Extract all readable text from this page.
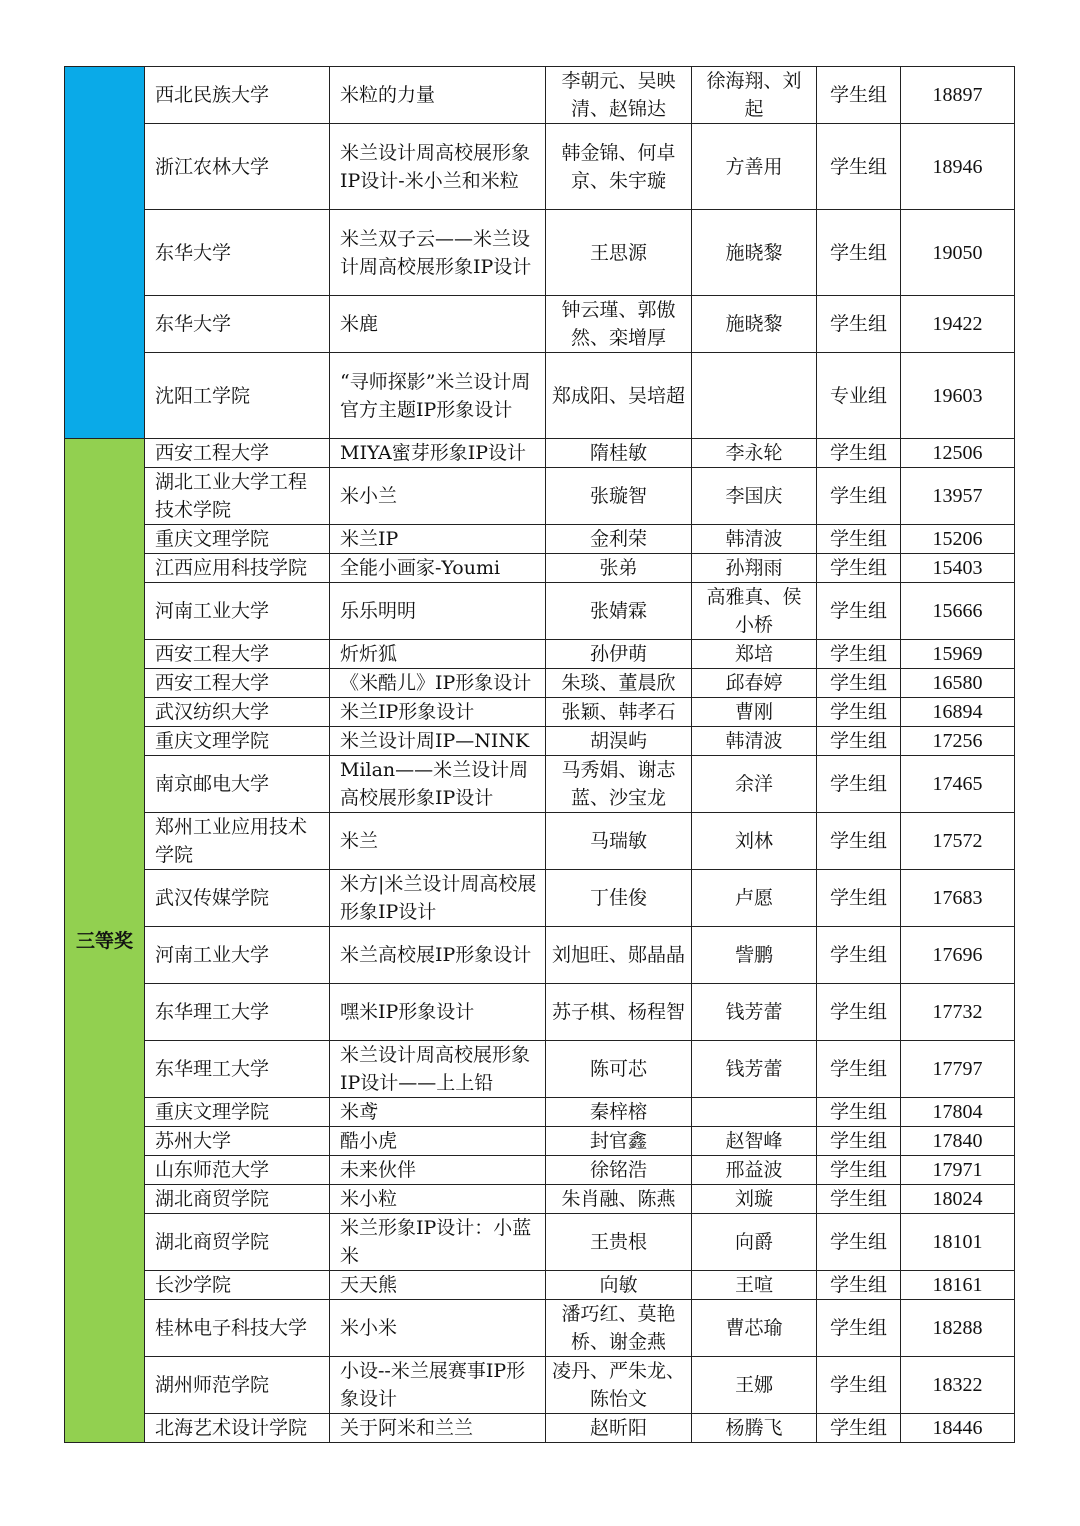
	西北民族大学	米粒的力量	李朝元、吴映清、赵锦达	徐海翔、刘起	学生组	18897
	浙江农林大学	米兰设计周高校展形象IP设计-米小兰和米粒	韩金锦、何卓京、朱宇璇	方善用	学生组	18946
	东华大学	米兰双子云——米兰设计周高校展形象IP设计	王思源	施晓黎	学生组	19050
	东华大学	米鹿	钟云瑾、郭傲然、栾增厚	施晓黎	学生组	19422
	沈阳工学院	“寻师探影”米兰设计周官方主题IP形象设计	郑成阳、吴培超		专业组	19603
三等奖	西安工程大学	MIYA蜜芽形象IP设计	隋桂敏	李永轮	学生组	12506
	湖北工业大学工程技术学院	米小兰	张璇智	李国庆	学生组	13957
	重庆文理学院	米兰IP	金利荣	韩清波	学生组	15206
	江西应用科技学院	全能小画家-Youmi	张弟	孙翔雨	学生组	15403
	河南工业大学	乐乐明明	张婧霖	高雅真、侯小桥	学生组	15666
	西安工程大学	炘炘狐	孙伊萌	郑培	学生组	15969
	西安工程大学	《米酷儿》IP形象设计	朱琰、董晨欣	邱春婷	学生组	16580
	武汉纺织大学	米兰IP形象设计	张颖、韩孝石	曹刚	学生组	16894
	重庆文理学院	米兰设计周IP—NINK	胡淏屿	韩清波	学生组	17256
	南京邮电大学	Milan——米兰设计周高校展形象IP设计	马秀娟、谢志蓝、沙宝龙	余洋	学生组	17465
	郑州工业应用技术学院	米兰	马瑞敏	刘林	学生组	17572
	武汉传媒学院	米方|米兰设计周高校展形象IP设计	丁佳俊	卢愿	学生组	17683
	河南工业大学	米兰高校展IP形象设计	刘旭旺、郧晶晶	訾鹏	学生组	17696
	东华理工大学	嘿米IP形象设计	苏子棋、杨程智	钱芳蕾	学生组	17732
	东华理工大学	米兰设计周高校展形象IP设计——上上铅	陈可芯	钱芳蕾	学生组	17797
	重庆文理学院	米鸢	秦梓榕		学生组	17804
	苏州大学	酷小虎	封官鑫	赵智峰	学生组	17840
	山东师范大学	未来伙伴	徐铭浩	邢益波	学生组	17971
	湖北商贸学院	米小粒	朱肖融、陈燕	刘璇	学生组	18024
	湖北商贸学院	米兰形象IP设计：小蓝米	王贵根	向爵	学生组	18101
	长沙学院	天天熊	向敏	王喧	学生组	18161
	桂林电子科技大学	米小米	潘巧红、莫艳桥、谢金燕	曹芯瑜	学生组	18288
	湖州师范学院	小设--米兰展赛事IP形象设计	凌丹、严朱龙、陈怡文	王娜	学生组	18322
	北海艺术设计学院	关于阿米和兰兰	赵昕阳	杨腾飞	学生组	18446
